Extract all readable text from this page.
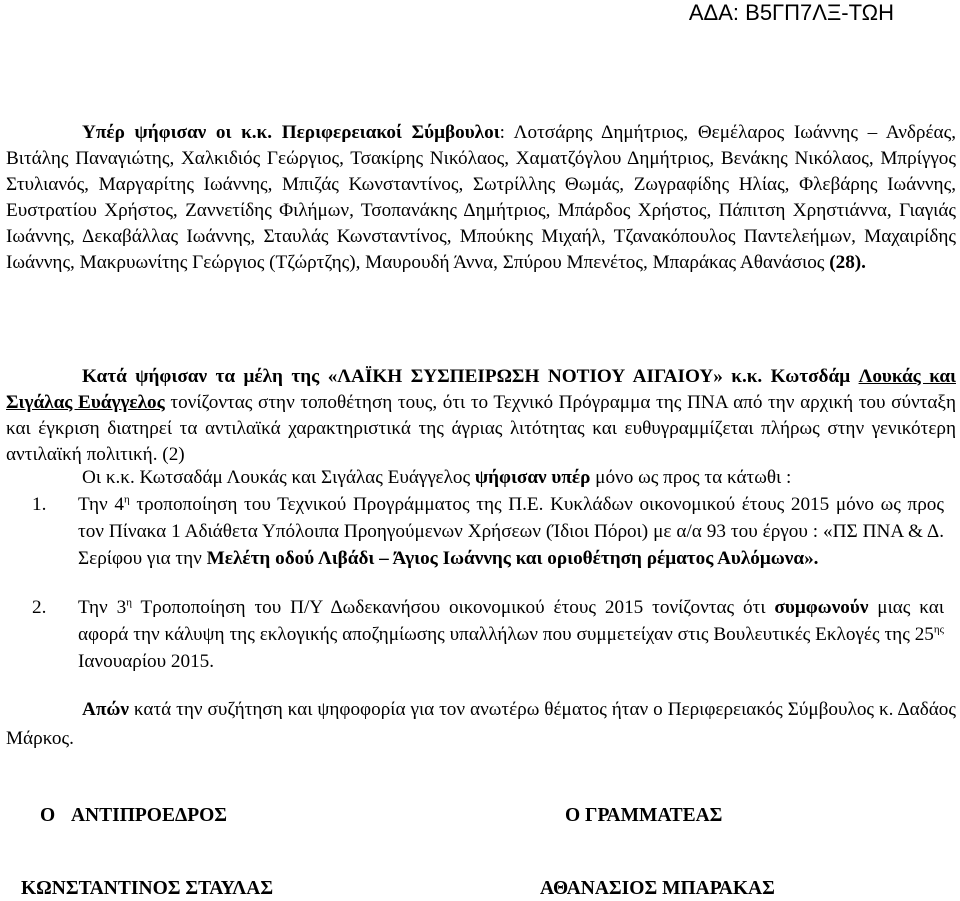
ΑΔΑ: Β5ΓΠ7ΛΞ-ΤΩΗ

Υπέρ ψήφισαν οι κ.κ. Περιφερειακοί Σύμβουλοι: Λοτσάρης Δημήτριος, Θεμέλαρος Ιωάννης – Ανδρέας, Βιτάλης Παναγιώτης, Χαλκιδιός Γεώργιος, Τσακίρης Νικόλαος, Χαματζόγλου Δημήτριος, Βενάκης Νικόλαος, Μπρίγγος Στυλιανός, Μαργαρίτης Ιωάννης, Μπιζάς Κωνσταντίνος, Σωτρίλλης Θωμάς, Ζωγραφίδης Ηλίας, Φλεβάρης Ιωάννης, Ευστρατίου Χρήστος, Ζαννετίδης Φιλήμων, Τσοπανάκης Δημήτριος, Μπάρδος Χρήστος, Πάπιτση Χρηστιάννα, Γιαγιάς Ιωάννης, Δεκαβάλλας Ιωάννης, Σταυλάς Κωνσταντίνος, Μπούκης Μιχαήλ, Τζανακόπουλος Παντελεήμων, Μαχαιρίδης Ιωάννης, Μακρυωνίτης Γεώργιος (Τζώρτζης), Μαυρουδή Άννα, Σπύρου Μπενέτος, Μπαράκας Αθανάσιος (28).

Κατά ψήφισαν τα μέλη της «ΛΑΪΚΗ ΣΥΣΠΕΙΡΩΣΗ ΝΟΤΙΟΥ ΑΙΓΑΙΟΥ» κ.κ. Κωτσδάμ Λουκάς και Σιγάλας Ευάγγελος τονίζοντας στην τοποθέτηση τους, ότι το Τεχνικό Πρόγραμμα της ΠΝΑ από την αρχική του σύνταξη και έγκριση διατηρεί τα αντιλαϊκά χαρακτηριστικά της άγριας λιτότητας και ευθυγραμμίζεται πλήρως στην γενικότερη αντιλαϊκή πολιτική. (2)

Οι κ.κ. Κωτσαδάμ Λουκάς και Σιγάλας Ευάγγελος ψήφισαν υπέρ μόνο ως προς τα κάτωθι :

1. Την $4^\eta$ τροποποίηση του Τεχνικού Προγράμματος της Π.Ε. Κυκλάδων οικονομικού έτους 2015 μόνο ως προς τον Πίνακα 1 Αδιάθετα Υπόλοιπα Προηγούμενων Χρήσεων (Ίδιοι Πόροι) με α/α 93 του έργου : «ΠΣ ΠΝΑ & Δ. Σερίφου για την Μελέτη οδού Λιβάδι – Άγιος Ιωάννης και οριοθέτηση ρέματος Αυλόμωνα».
2. Την $3^\eta$ Τροποποίηση του Π/Υ Δωδεκανήσου οικονομικού έτους 2015 τονίζοντας ότι συμφωνούν μιας και αφορά την κάλυψη της εκλογικής αποζημίωσης υπαλλήλων που συμμετείχαν στις Βουλευτικές Εκλογές της $25^{\eta\varsigma}$ Ιανουαρίου 2015.

Απών κατά την συζήτηση και ψηφοφορία για τον ανωτέρω θέματος ήταν ο Περιφερειακός Σύμβουλος κ. Δαδάος Μάρκος.

Ο ΑΝΤΙΠΡΟΕΔΡΟΣ	Ο ΓΡΑΜΜΑΤΕΑΣ
ΚΩΝΣΤΑΝΤΙΝΟΣ ΣΤΑΥΛΑΣ	ΑΘΑΝΑΣΙΟΣ ΜΠΑΡΑΚΑΣ
